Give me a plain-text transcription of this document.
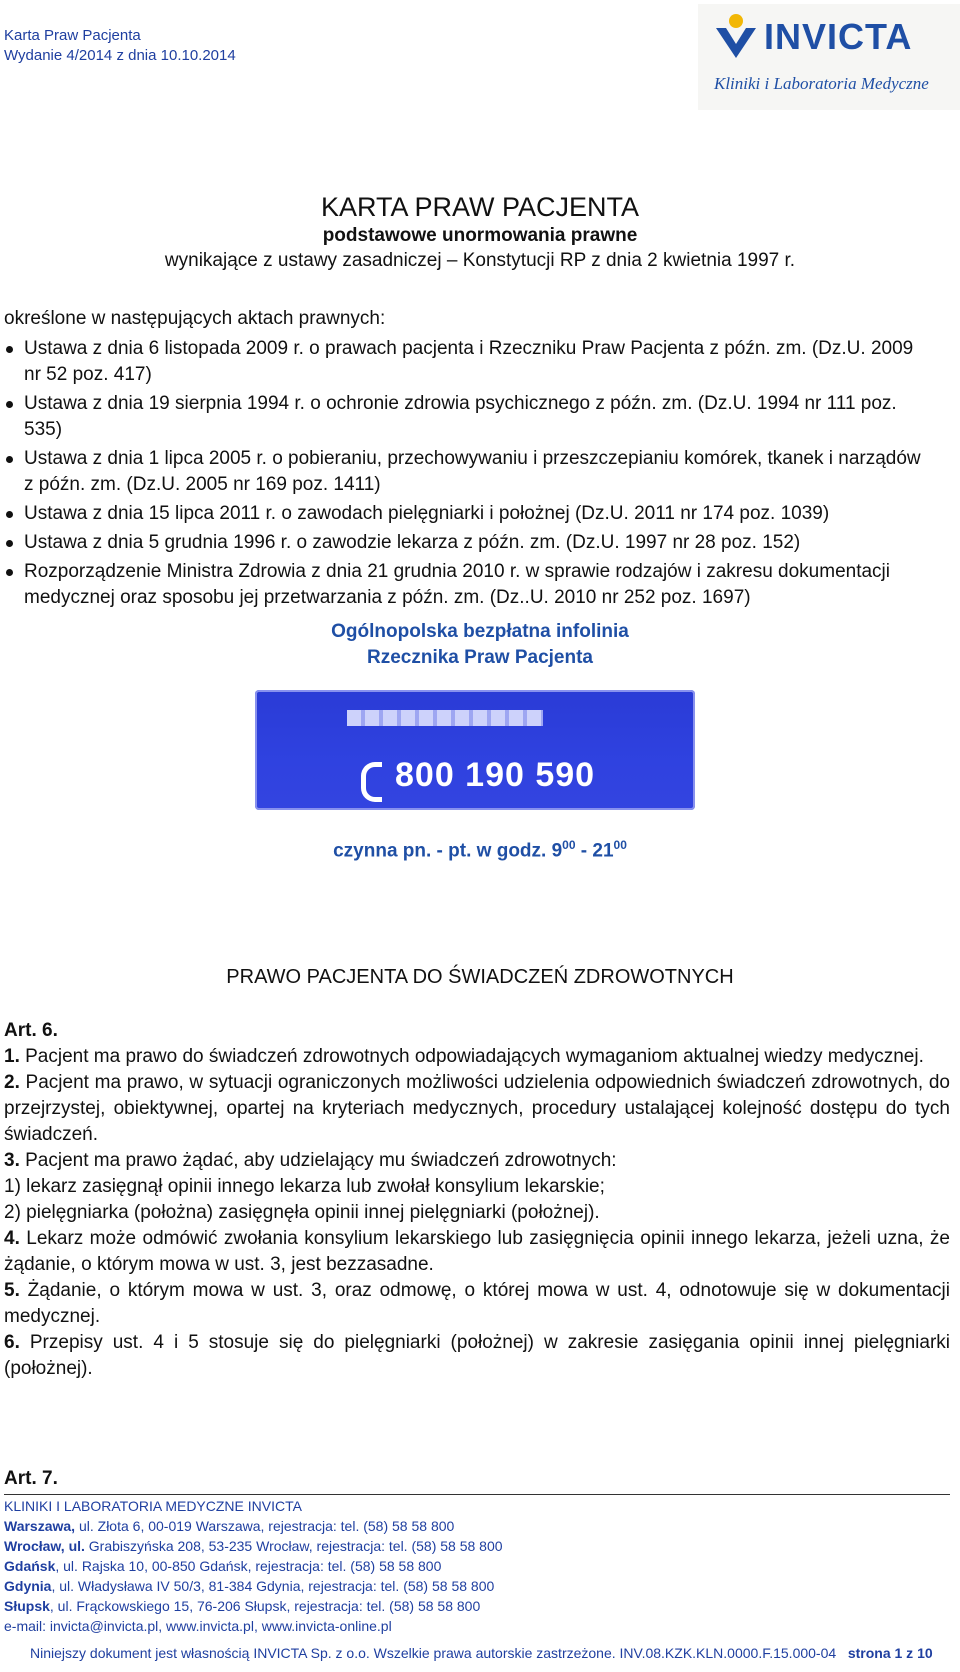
Karta Praw Pacjenta
Wydanie 4/2014 z dnia 10.10.2014	INVICTA
Kliniki i Laboratoria Medyczne
KARTA PRAW PACJENTA
podstawowe unormowania prawne
wynikające z ustawy zasadniczej – Konstytucji RP z dnia 2 kwietnia 1997 r.
określone w następujących aktach prawnych:
Ustawa z dnia 6 listopada 2009 r. o prawach pacjenta i Rzeczniku Praw Pacjenta z późn. zm. (Dz.U. 2009 nr 52 poz. 417)
Ustawa z dnia 19 sierpnia 1994 r. o ochronie zdrowia psychicznego z późn. zm. (Dz.U. 1994 nr 111 poz. 535)
Ustawa z dnia 1 lipca 2005 r. o pobieraniu, przechowywaniu i przeszczepianiu komórek, tkanek i narządów z późn. zm. (Dz.U. 2005 nr 169 poz. 1411)
Ustawa z dnia 15 lipca 2011 r. o zawodach pielęgniarki i położnej (Dz.U. 2011 nr 174 poz. 1039)
Ustawa z dnia 5 grudnia 1996 r. o zawodzie lekarza z późn. zm. (Dz.U. 1997 nr 28 poz. 152)
Rozporządzenie Ministra Zdrowia z dnia 21 grudnia 2010 r. w sprawie rodzajów i zakresu dokumentacji medycznej oraz sposobu jej przetwarzania z późn. zm. (Dz..U. 2010 nr 252 poz. 1697)
Ogólnopolska bezpłatna infolinia
Rzecznika Praw Pacjenta
800 190 590
czynna pn. - pt. w godz. $9^{00} - 21^{00}$
PRAWO PACJENTA DO ŚWIADCZEŃ ZDROWOTNYCH
Art. 6.
1. Pacjent ma prawo do świadczeń zdrowotnych odpowiadających wymaganiom aktualnej wiedzy medycznej.
2. Pacjent ma prawo, w sytuacji ograniczonych możliwości udzielenia odpowiednich świadczeń zdrowotnych, do przejrzystej, obiektywnej, opartej na kryteriach medycznych, procedury ustalającej kolejność dostępu do tych świadczeń.
3. Pacjent ma prawo żądać, aby udzielający mu świadczeń zdrowotnych:
1) lekarz zasięgnął opinii innego lekarza lub zwołał konsylium lekarskie;
2) pielęgniarka (położna) zasięgnęła opinii innej pielęgniarki (położnej).
4. Lekarz może odmówić zwołania konsylium lekarskiego lub zasięgnięcia opinii innego lekarza, jeżeli uzna, że żądanie, o którym mowa w ust. 3, jest bezzasadne.
5. Żądanie, o którym mowa w ust. 3, oraz odmowę, o której mowa w ust. 4, odnotowuje się w dokumentacji medycznej.
6. Przepisy ust. 4 i 5 stosuje się do pielęgniarki (położnej) w zakresie zasięgania opinii innej pielęgniarki (położnej).
Art. 7.
KLINIKI I LABORATORIA MEDYCZNE INVICTA
Warszawa, ul. Złota 6, 00-019 Warszawa, rejestracja: tel. (58) 58 58 800
Wrocław, ul. Grabiszyńska 208, 53-235 Wrocław, rejestracja: tel. (58) 58 58 800
Gdańsk, ul. Rajska 10, 00-850 Gdańsk, rejestracja: tel. (58) 58 58 800
Gdynia, ul. Władysława IV 50/3, 81-384 Gdynia, rejestracja: tel. (58) 58 58 800
Słupsk, ul. Frąckowskiego 15, 76-206 Słupsk, rejestracja: tel. (58) 58 58 800
e-mail: invicta@invicta.pl, www.invicta.pl, www.invicta-online.pl
Niniejszy dokument jest własnością INVICTA Sp. z o.o. Wszelkie prawa autorskie zastrzeżone. INV.08.KZK.KLN.0000.F.15.000-04 strona 1 z 10
